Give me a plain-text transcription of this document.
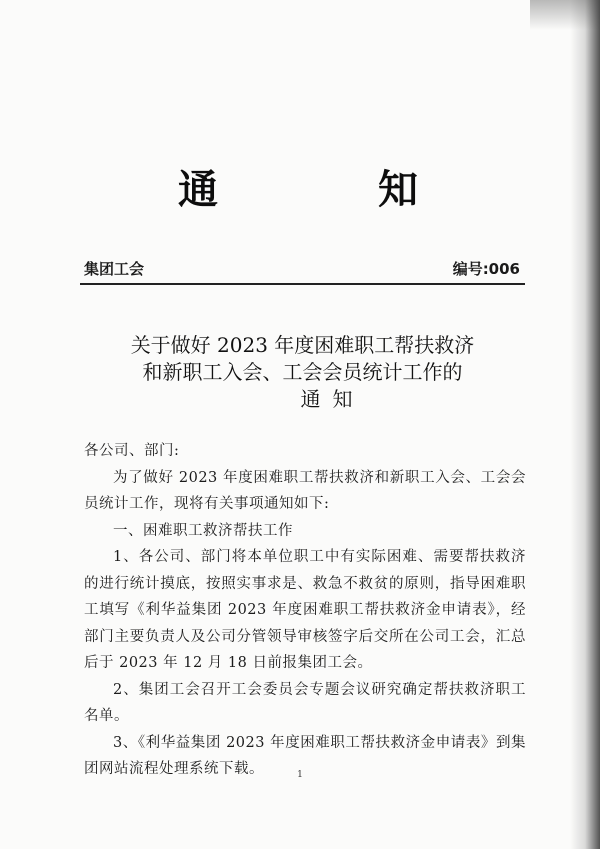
通	知
集团工会	编号:006
关于做好 2023 年度困难职工帮扶救济
和新职工入会、工会会员统计工作的
通知

各公司、部门:

为了做好 2023 年度困难职工帮扶救济和新职工入会、工会会员统计工作，现将有关事项通知如下:

一、困难职工救济帮扶工作

1、各公司、部门将本单位职工中有实际困难、需要帮扶救济的进行统计摸底，按照实事求是、救急不救贫的原则，指导困难职工填写《利华益集团 2023 年度困难职工帮扶救济金申请表》，经部门主要负责人及公司分管领导审核签字后交所在公司工会，汇总后于 2023 年 12 月 18 日前报集团工会。

2、集团工会召开工会委员会专题会议研究确定帮扶救济职工名单。

3、《利华益集团 2023 年度困难职工帮扶救济金申请表》到集团网站流程处理系统下载。	1
